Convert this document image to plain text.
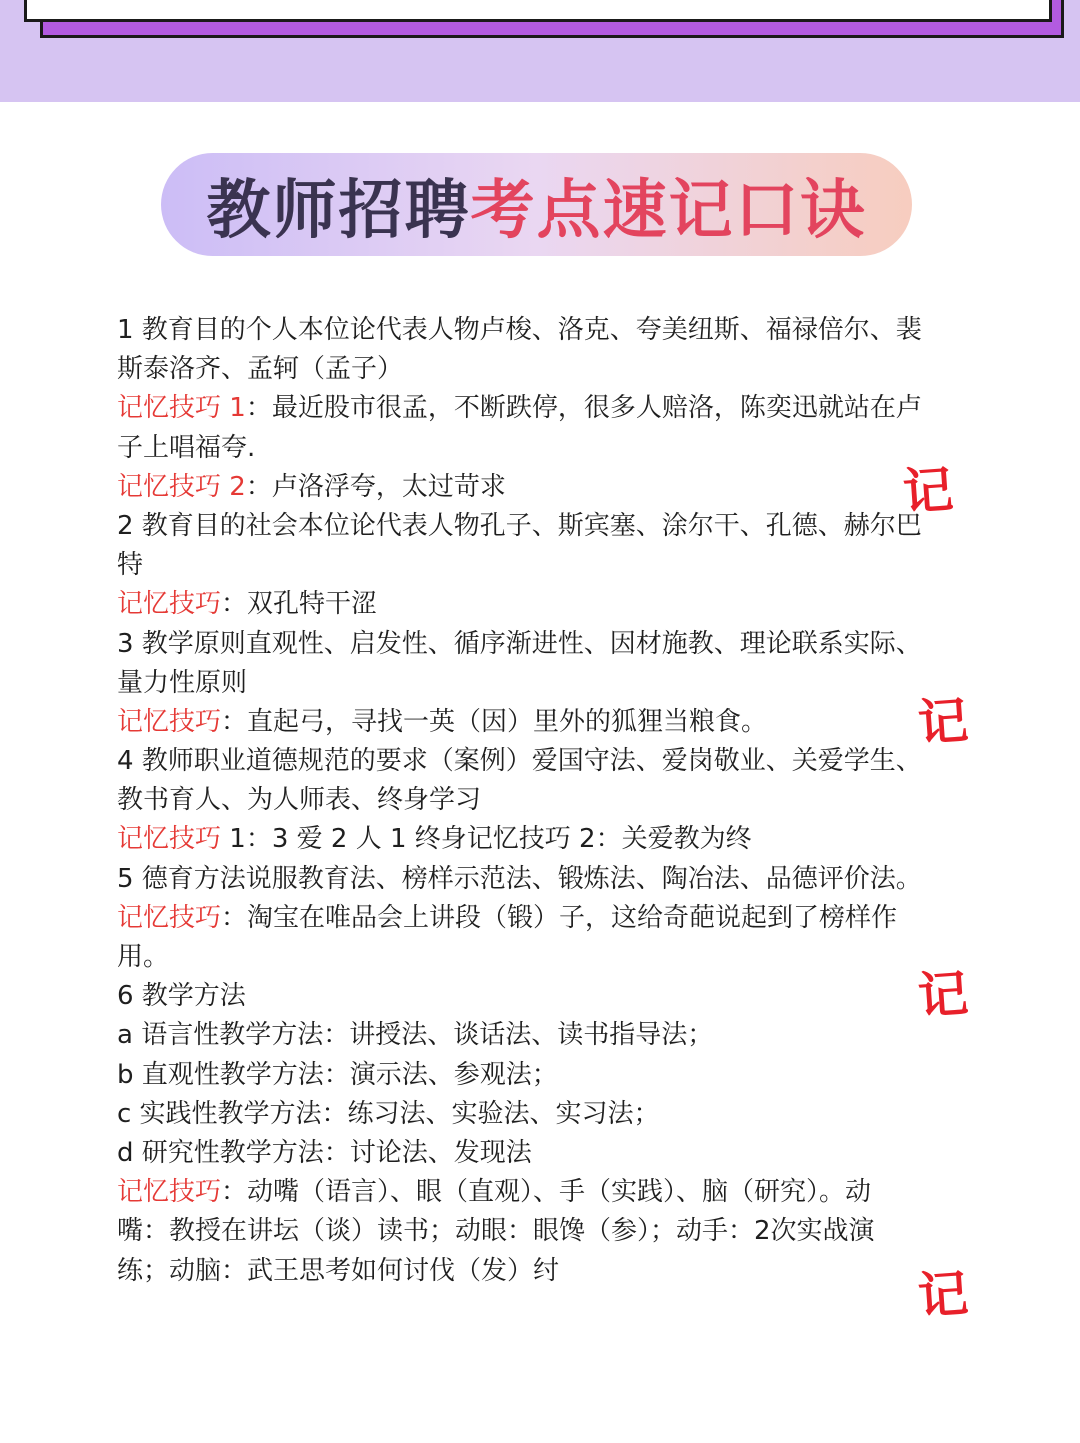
教师招聘考点速记口诀
1 教育目的个人本位论代表人物卢梭、洛克、夸美纽斯、福禄倍尔、裴
斯泰洛齐、孟轲（孟子）
记忆技巧 1：最近股市很孟，不断跌停，很多人赔洛，陈奕迅就站在卢
子上唱福夸.
记忆技巧 2：卢洛浮夸，太过苛求
2 教育目的社会本位论代表人物孔子、斯宾塞、涂尔干、孔德、赫尔巴
特
记忆技巧：双孔特干涩
3 教学原则直观性、启发性、循序渐进性、因材施教、理论联系实际、
量力性原则
记忆技巧：直起弓，寻找一英（因）里外的狐狸当粮食。
4 教师职业道德规范的要求（案例）爱国守法、爱岗敬业、关爱学生、
教书育人、为人师表、终身学习
记忆技巧 1：3 爱 2 人 1 终身记忆技巧 2：关爱教为终
5 德育方法说服教育法、榜样示范法、锻炼法、陶冶法、品德评价法。
记忆技巧：淘宝在唯品会上讲段（锻）子，这给奇葩说起到了榜样作
用。
6 教学方法
a 语言性教学方法：讲授法、谈话法、读书指导法；
b 直观性教学方法：演示法、参观法；
c 实践性教学方法：练习法、实验法、实习法；
d 研究性教学方法：讨论法、发现法
记忆技巧：动嘴（语言）、眼（直观）、手（实践）、脑（研究）。动
嘴：教授在讲坛（谈）读书；动眼：眼馋（参）；动手：2次实战演
练；动脑：武王思考如何讨伐（发）纣
记
记
记
记
